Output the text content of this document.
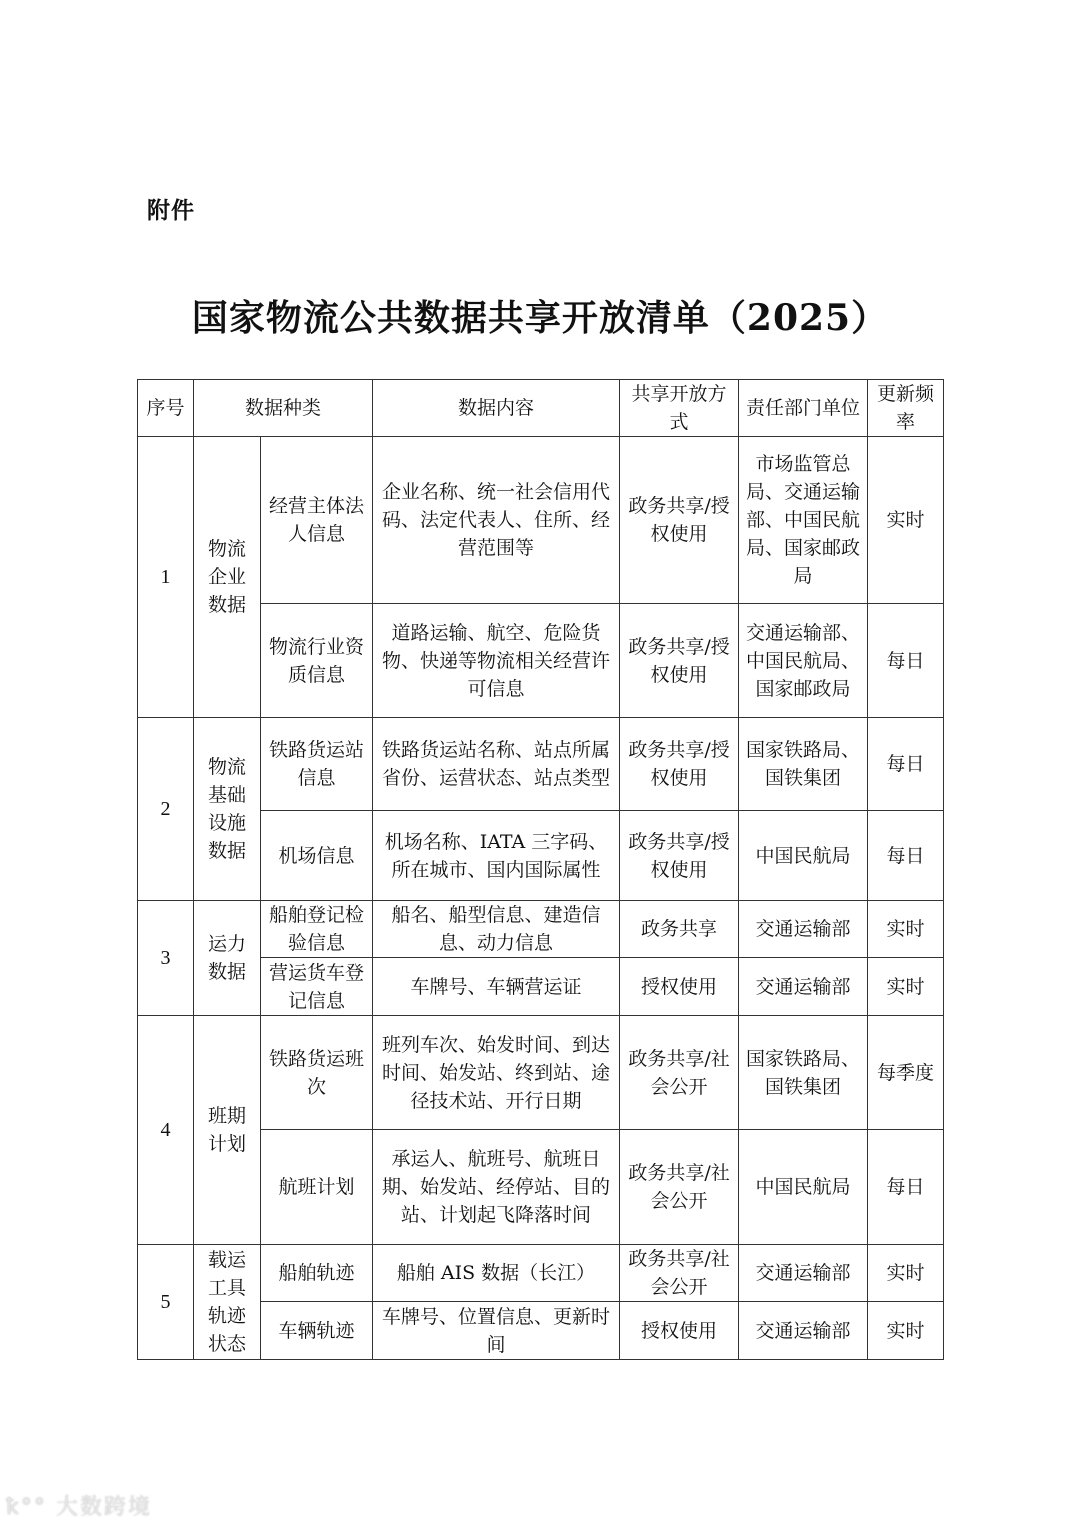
附件
国家物流公共数据共享开放清单（2025）
序号	数据种类		数据内容	共享开放方式	责任部门单位	更新频率
1	物流企业数据	经营主体法人信息	企业名称、统一社会信用代码、法定代表人、住所、经营范围等	政务共享/授权使用	市场监管总局、交通运输部、中国民航局、国家邮政局	实时
		物流行业资质信息	道路运输、航空、危险货物、快递等物流相关经营许可信息	政务共享/授权使用	交通运输部、中国民航局、国家邮政局	每日
2	物流基础设施数据	铁路货运站信息	铁路货运站名称、站点所属省份、运营状态、站点类型	政务共享/授权使用	国家铁路局、国铁集团	每日
		机场信息	机场名称、IATA 三字码、所在城市、国内国际属性	政务共享/授权使用	中国民航局	每日
3	运力数据	船舶登记检验信息	船名、船型信息、建造信息、动力信息	政务共享	交通运输部	实时
		营运货车登记信息	车牌号、车辆营运证	授权使用	交通运输部	实时
4	班期计划	铁路货运班次	班列车次、始发时间、到达时间、始发站、终到站、途径技术站、开行日期	政务共享/社会公开	国家铁路局、国铁集团	每季度
		航班计划	承运人、航班号、航班日期、始发站、经停站、目的站、计划起飞降落时间	政务共享/社会公开	中国民航局	每日
5	载运工具轨迹状态	船舶轨迹	船舶 AIS 数据（长江）	政务共享/社会公开	交通运输部	实时
		车辆轨迹	车牌号、位置信息、更新时间	授权使用	交通运输部	实时
ꝁ°° 大数跨境
